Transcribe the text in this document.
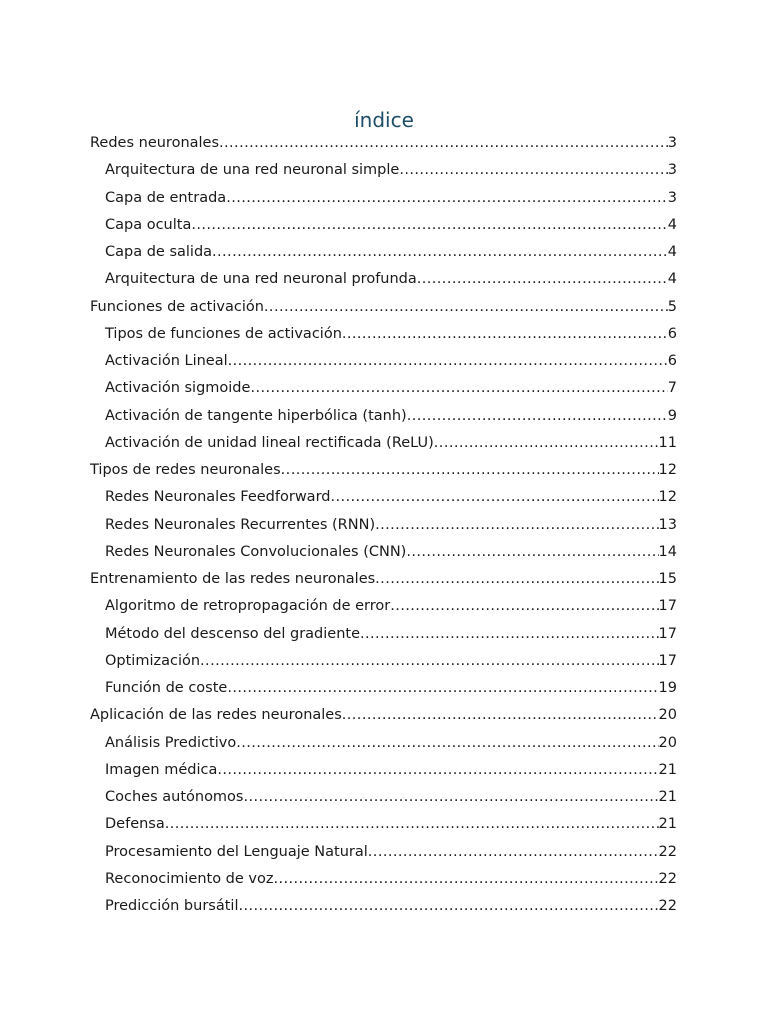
índice
Redes neuronales .....	3
Arquitectura de una red neuronal simple .....	3
Capa de entrada .....	3
Capa oculta .....	4
Capa de salida .....	4
Arquitectura de una red neuronal profunda .....	4
Funciones de activación .....	5
Tipos de funciones de activación .....	6
Activación Lineal .....	6
Activación sigmoide .....	7
Activación de tangente hiperbólica (tanh) .....	9
Activación de unidad lineal rectificada (ReLU) .....	11
Tipos de redes neuronales .....	12
Redes Neuronales Feedforward .....	12
Redes Neuronales Recurrentes (RNN) .....	13
Redes Neuronales Convolucionales (CNN) .....	14
Entrenamiento de las redes neuronales .....	15
Algoritmo de retropropagación de error .....	17
Método del descenso del gradiente .....	17
Optimización .....	17
Función de coste .....	19
Aplicación de las redes neuronales .....	20
Análisis Predictivo .....	20
Imagen médica .....	21
Coches autónomos .....	21
Defensa .....	21
Procesamiento del Lenguaje Natural .....	22
Reconocimiento de voz .....	22
Predicción bursátil .....	22
